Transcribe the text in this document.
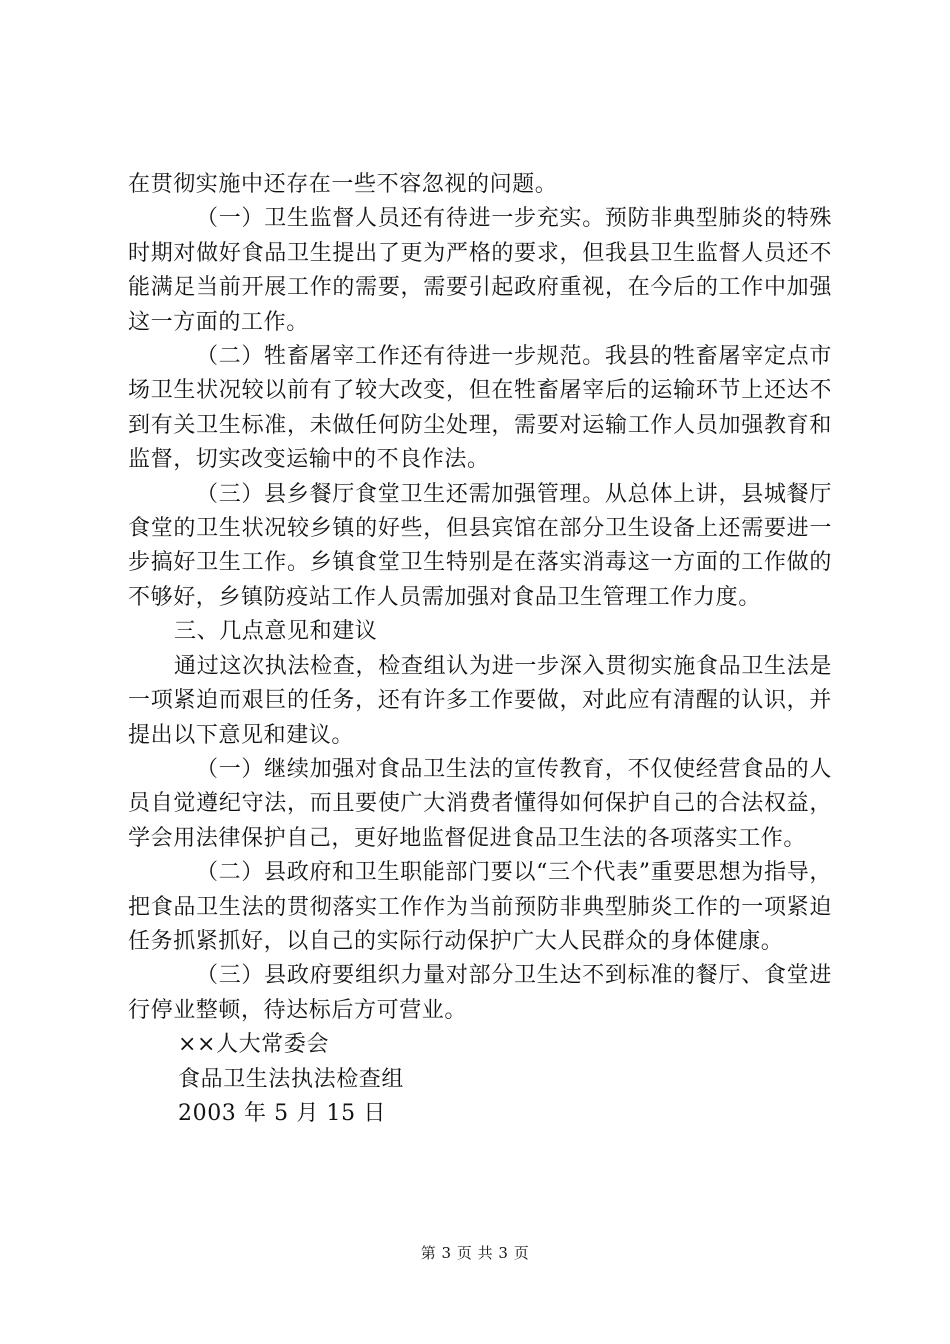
在贯彻实施中还存在一些不容忽视的问题。

（一）卫生监督人员还有待进一步充实。预防非典型肺炎的特殊时期对做好食品卫生提出了更为严格的要求，但我县卫生监督人员还不能满足当前开展工作的需要，需要引起政府重视，在今后的工作中加强这一方面的工作。

（二）牲畜屠宰工作还有待进一步规范。我县的牲畜屠宰定点市场卫生状况较以前有了较大改变，但在牲畜屠宰后的运输环节上还达不到有关卫生标准，未做任何防尘处理，需要对运输工作人员加强教育和监督，切实改变运输中的不良作法。

（三）县乡餐厅食堂卫生还需加强管理。从总体上讲，县城餐厅食堂的卫生状况较乡镇的好些，但县宾馆在部分卫生设备上还需要进一步搞好卫生工作。乡镇食堂卫生特别是在落实消毒这一方面的工作做的不够好，乡镇防疫站工作人员需加强对食品卫生管理工作力度。

三、几点意见和建议

通过这次执法检查，检查组认为进一步深入贯彻实施食品卫生法是一项紧迫而艰巨的任务，还有许多工作要做，对此应有清醒的认识，并提出以下意见和建议。

（一）继续加强对食品卫生法的宣传教育，不仅使经营食品的人员自觉遵纪守法，而且要使广大消费者懂得如何保护自己的合法权益，学会用法律保护自己，更好地监督促进食品卫生法的各项落实工作。

（二）县政府和卫生职能部门要以“三个代表”重要思想为指导，把食品卫生法的贯彻落实工作作为当前预防非典型肺炎工作的一项紧迫任务抓紧抓好，以自己的实际行动保护广大人民群众的身体健康。

（三）县政府要组织力量对部分卫生达不到标准的餐厅、食堂进行停业整顿，待达标后方可营业。

××人大常委会

食品卫生法执法检查组

2003 年 5 月 15 日

第 3 页 共 3 页
